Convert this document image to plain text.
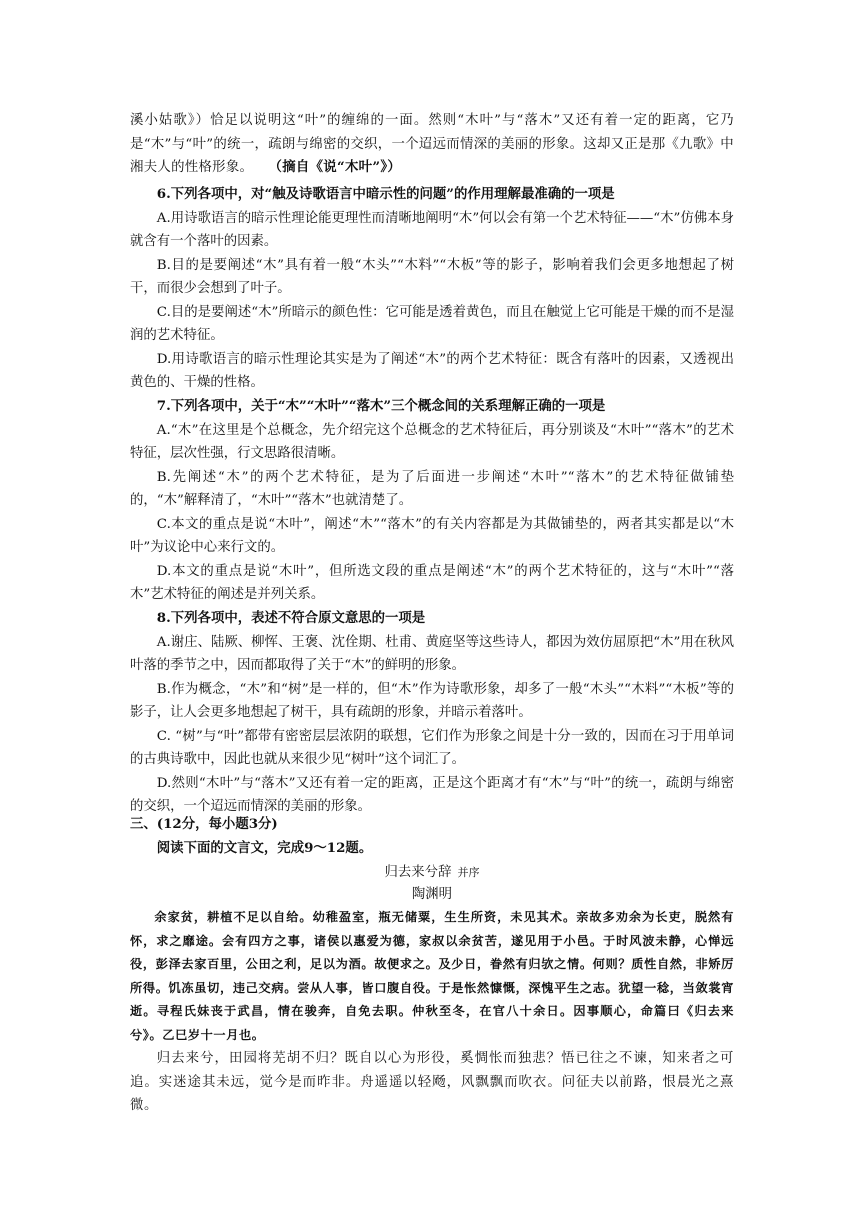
溪小姑歌》）恰足以说明这“叶”的缠绵的一面。然则“木叶”与“落木”又还有着一定的距离，它乃是“木”与“叶”的统一，疏朗与绵密的交织，一个迢远而情深的美丽的形象。这却又正是那《九歌》中湘夫人的性格形象。 （摘自《说“木叶”》）

6.下列各项中，对“触及诗歌语言中暗示性的问题”的作用理解最准确的一项是

A.用诗歌语言的暗示性理论能更理性而清晰地阐明“木”何以会有第一个艺术特征——“木”仿佛本身就含有一个落叶的因素。

B.目的是要阐述“木”具有着一般“木头”“木料”“木板”等的影子，影响着我们会更多地想起了树干，而很少会想到了叶子。

C.目的是要阐述“木”所暗示的颜色性：它可能是透着黄色，而且在触觉上它可能是干燥的而不是湿润的艺术特征。

D.用诗歌语言的暗示性理论其实是为了阐述“木”的两个艺术特征：既含有落叶的因素，又透视出黄色的、干燥的性格。

7.下列各项中，关于“木”“木叶”“落木”三个概念间的关系理解正确的一项是

A.“木”在这里是个总概念，先介绍完这个总概念的艺术特征后，再分别谈及“木叶”“落木”的艺术特征，层次性强，行文思路很清晰。

B.先阐述“木”的两个艺术特征，是为了后面进一步阐述“木叶”“落木”的艺术特征做铺垫的，“木”解释清了，“木叶”“落木”也就清楚了。

C.本文的重点是说“木叶”，阐述“木”“落木”的有关内容都是为其做铺垫的，两者其实都是以“木叶”为议论中心来行文的。

D.本文的重点是说“木叶”，但所选文段的重点是阐述“木”的两个艺术特征的，这与“木叶”“落木”艺术特征的阐述是并列关系。

8.下列各项中，表述不符合原文意思的一项是

A.谢庄、陆厥、柳恽、王褒、沈佺期、杜甫、黄庭坚等这些诗人，都因为效仿屈原把“木”用在秋风叶落的季节之中，因而都取得了关于“木”的鲜明的形象。

B.作为概念，“木”和“树”是一样的，但“木”作为诗歌形象，却多了一般“木头”“木料”“木板”等的影子，让人会更多地想起了树干，具有疏朗的形象，并暗示着落叶。

C. “树”与“叶”都带有密密层层浓阴的联想，它们作为形象之间是十分一致的，因而在习于用单词的古典诗歌中，因此也就从来很少见“树叶”这个词汇了。

D.然则“木叶”与“落木”又还有着一定的距离，正是这个距离才有“木”与“叶”的统一，疏朗与绵密的交织，一个迢远而情深的美丽的形象。

三、(12分，每小题3分)

阅读下面的文言文，完成9～12题。

归去来兮辞 并序

陶渊明

余家贫，耕植不足以自给。幼稚盈室，瓶无储粟，生生所资，未见其术。亲故多劝余为长吏，脱然有怀，求之靡途。会有四方之事，诸侯以惠爱为德，家叔以余贫苦，遂见用于小邑。于时风波未静，心惮远役，彭泽去家百里，公田之利，足以为酒。故便求之。及少日，眷然有归欤之情。何则？质性自然，非矫厉所得。饥冻虽切，违己交病。尝从人事，皆口腹自役。于是怅然慷慨，深愧平生之志。犹望一稔，当敛裳宵逝。寻程氏妹丧于武昌，情在骏奔，自免去职。仲秋至冬，在官八十余日。因事顺心，命篇曰《归去来兮》。乙巳岁十一月也。

归去来兮，田园将芜胡不归？既自以心为形役，奚惆怅而独悲？悟已往之不谏，知来者之可追。实迷途其未远，觉今是而昨非。舟遥遥以轻飏，风飘飘而吹衣。问征夫以前路，恨晨光之熹微。
